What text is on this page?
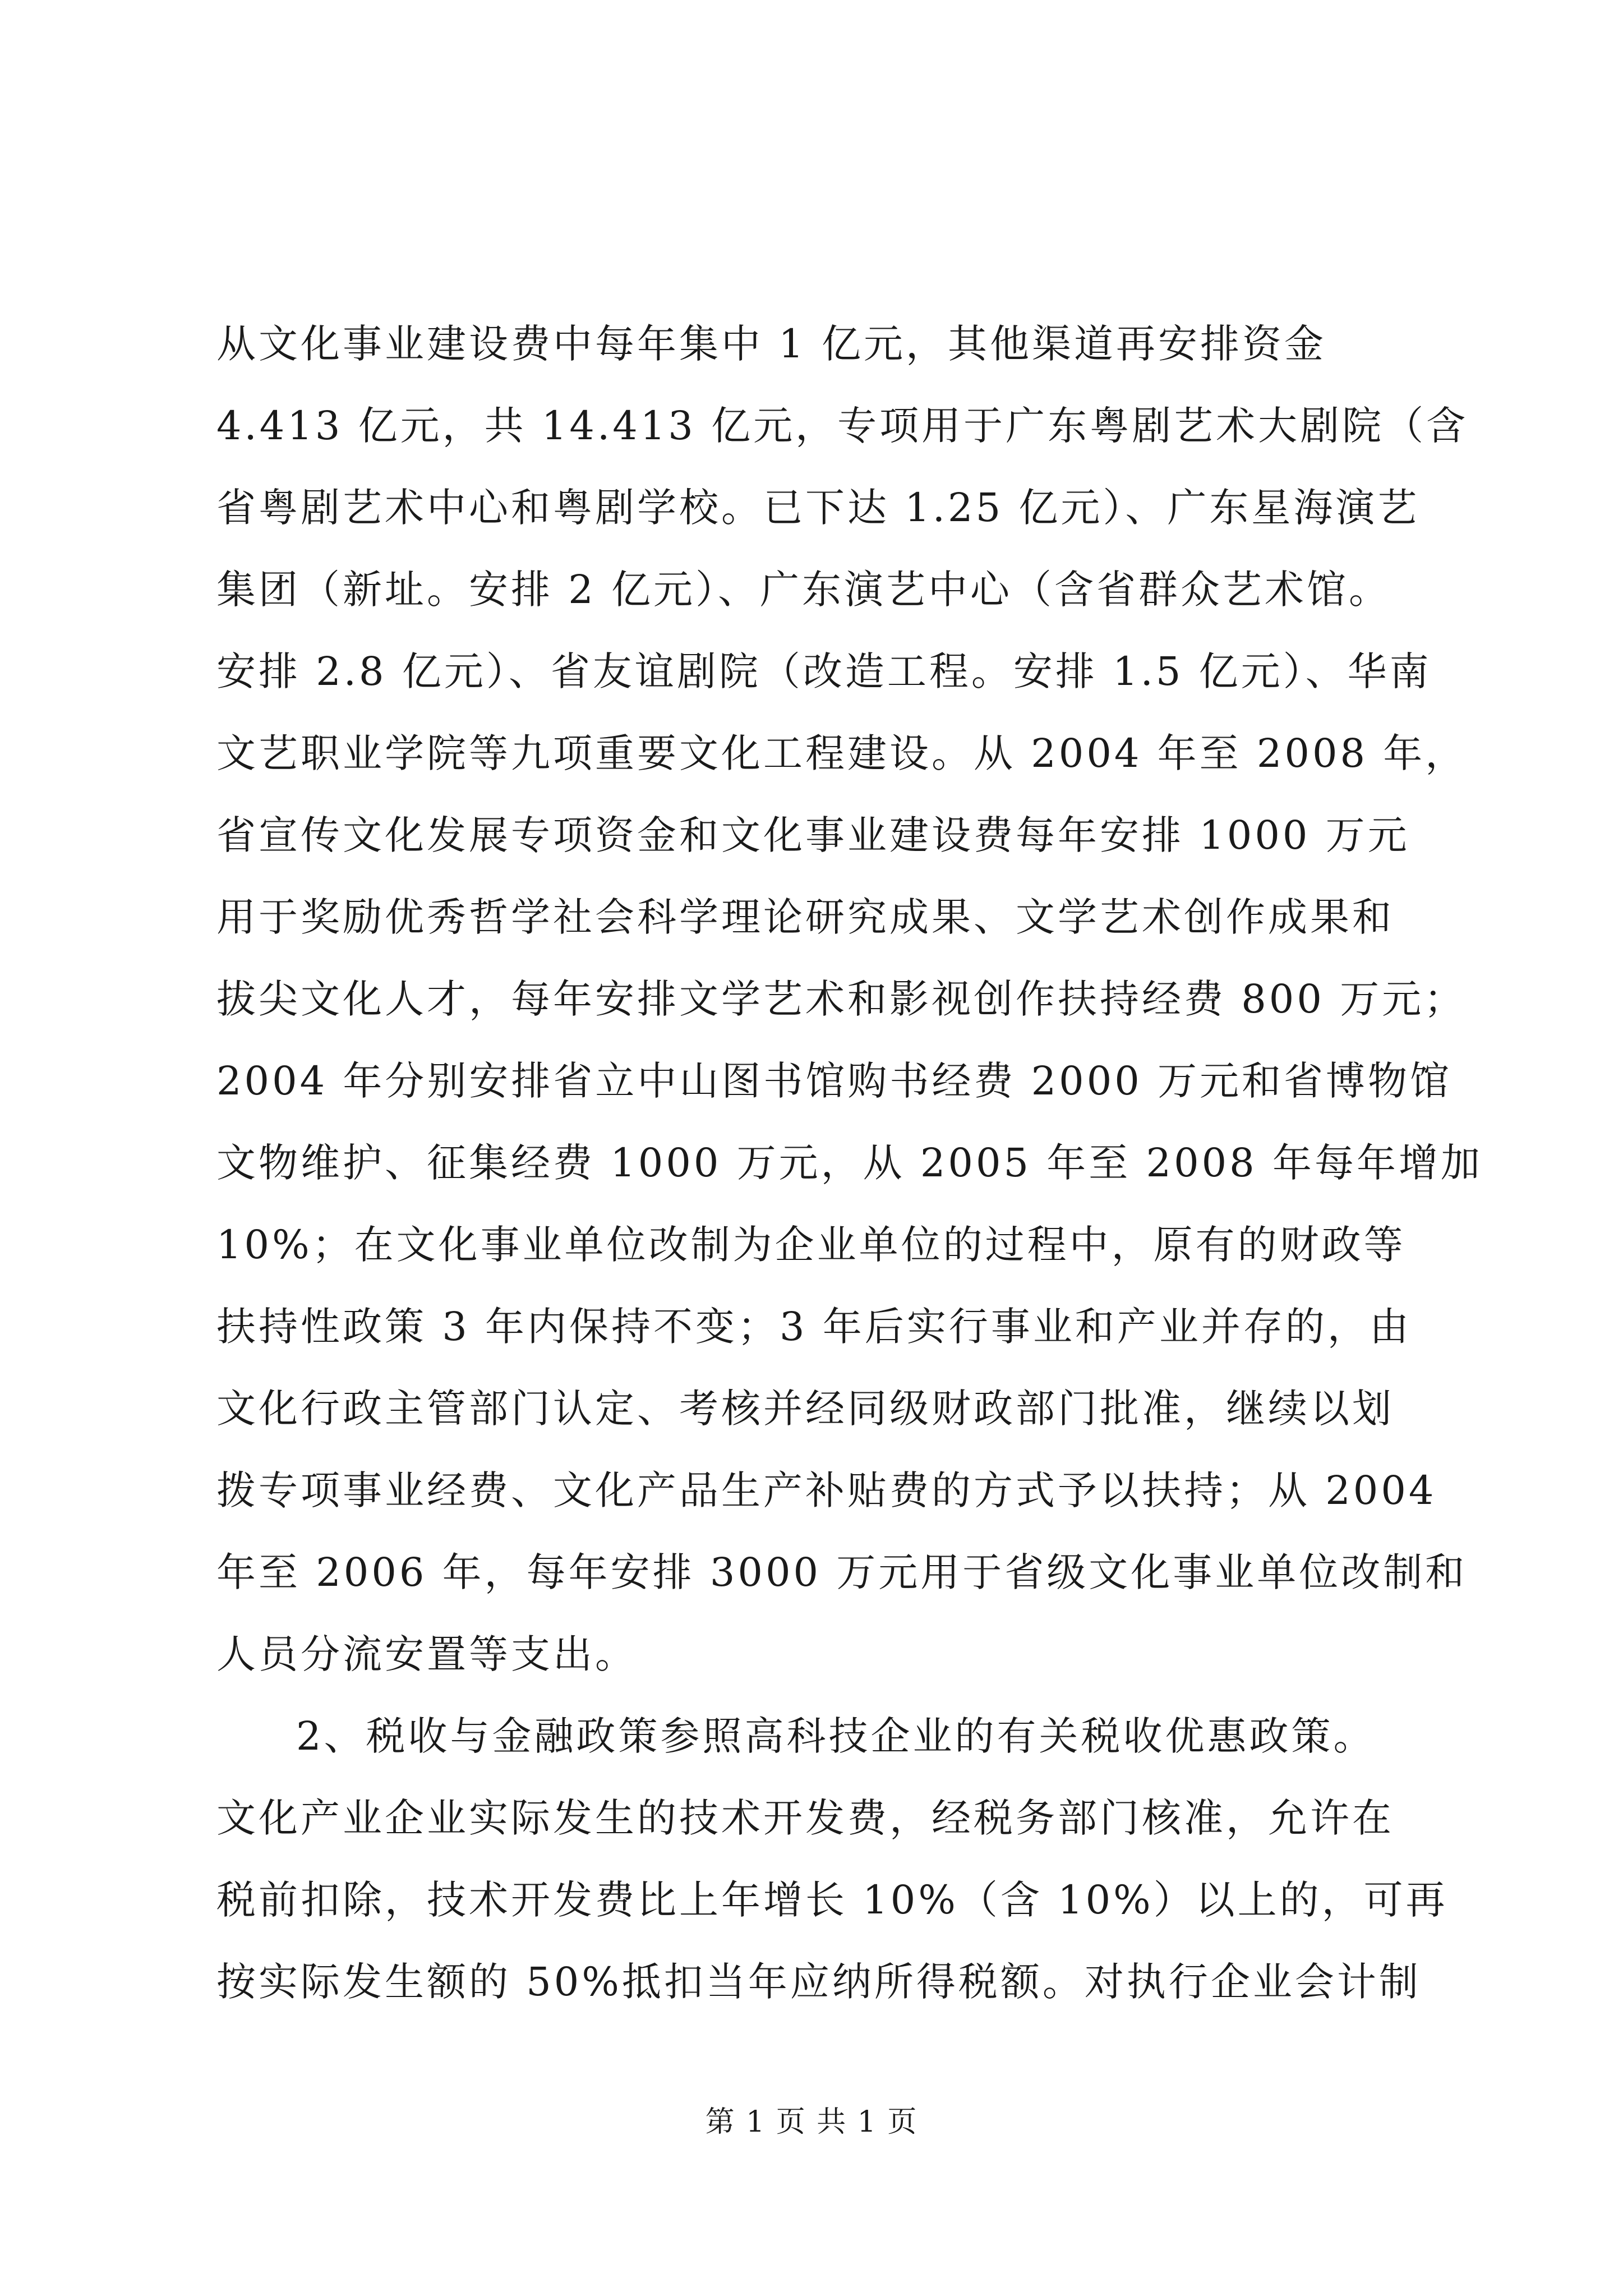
从文化事业建设费中每年集中 1 亿元，其他渠道再安排资金
4.413 亿元，共 14.413 亿元，专项用于广东粤剧艺术大剧院（含
省粤剧艺术中心和粤剧学校。已下达 1.25 亿元）、广东星海演艺
集团（新址。安排 2 亿元）、广东演艺中心（含省群众艺术馆。
安排 2.8 亿元）、省友谊剧院（改造工程。安排 1.5 亿元）、华南
文艺职业学院等九项重要文化工程建设。从 2004 年至 2008 年，
省宣传文化发展专项资金和文化事业建设费每年安排 1000 万元
用于奖励优秀哲学社会科学理论研究成果、文学艺术创作成果和
拔尖文化人才，每年安排文学艺术和影视创作扶持经费 800 万元；
2004 年分别安排省立中山图书馆购书经费 2000 万元和省博物馆
文物维护、征集经费 1000 万元，从 2005 年至 2008 年每年增加
10%；在文化事业单位改制为企业单位的过程中，原有的财政等
扶持性政策 3 年内保持不变；3 年后实行事业和产业并存的，由
文化行政主管部门认定、考核并经同级财政部门批准，继续以划
拨专项事业经费、文化产品生产补贴费的方式予以扶持；从 2004
年至 2006 年，每年安排 3000 万元用于省级文化事业单位改制和
人员分流安置等支出。
2、税收与金融政策参照高科技企业的有关税收优惠政策。
文化产业企业实际发生的技术开发费，经税务部门核准，允许在
税前扣除，技术开发费比上年增长 10%（含 10%）以上的，可再
按实际发生额的 50%抵扣当年应纳所得税额。对执行企业会计制
第 1 页 共 1 页
